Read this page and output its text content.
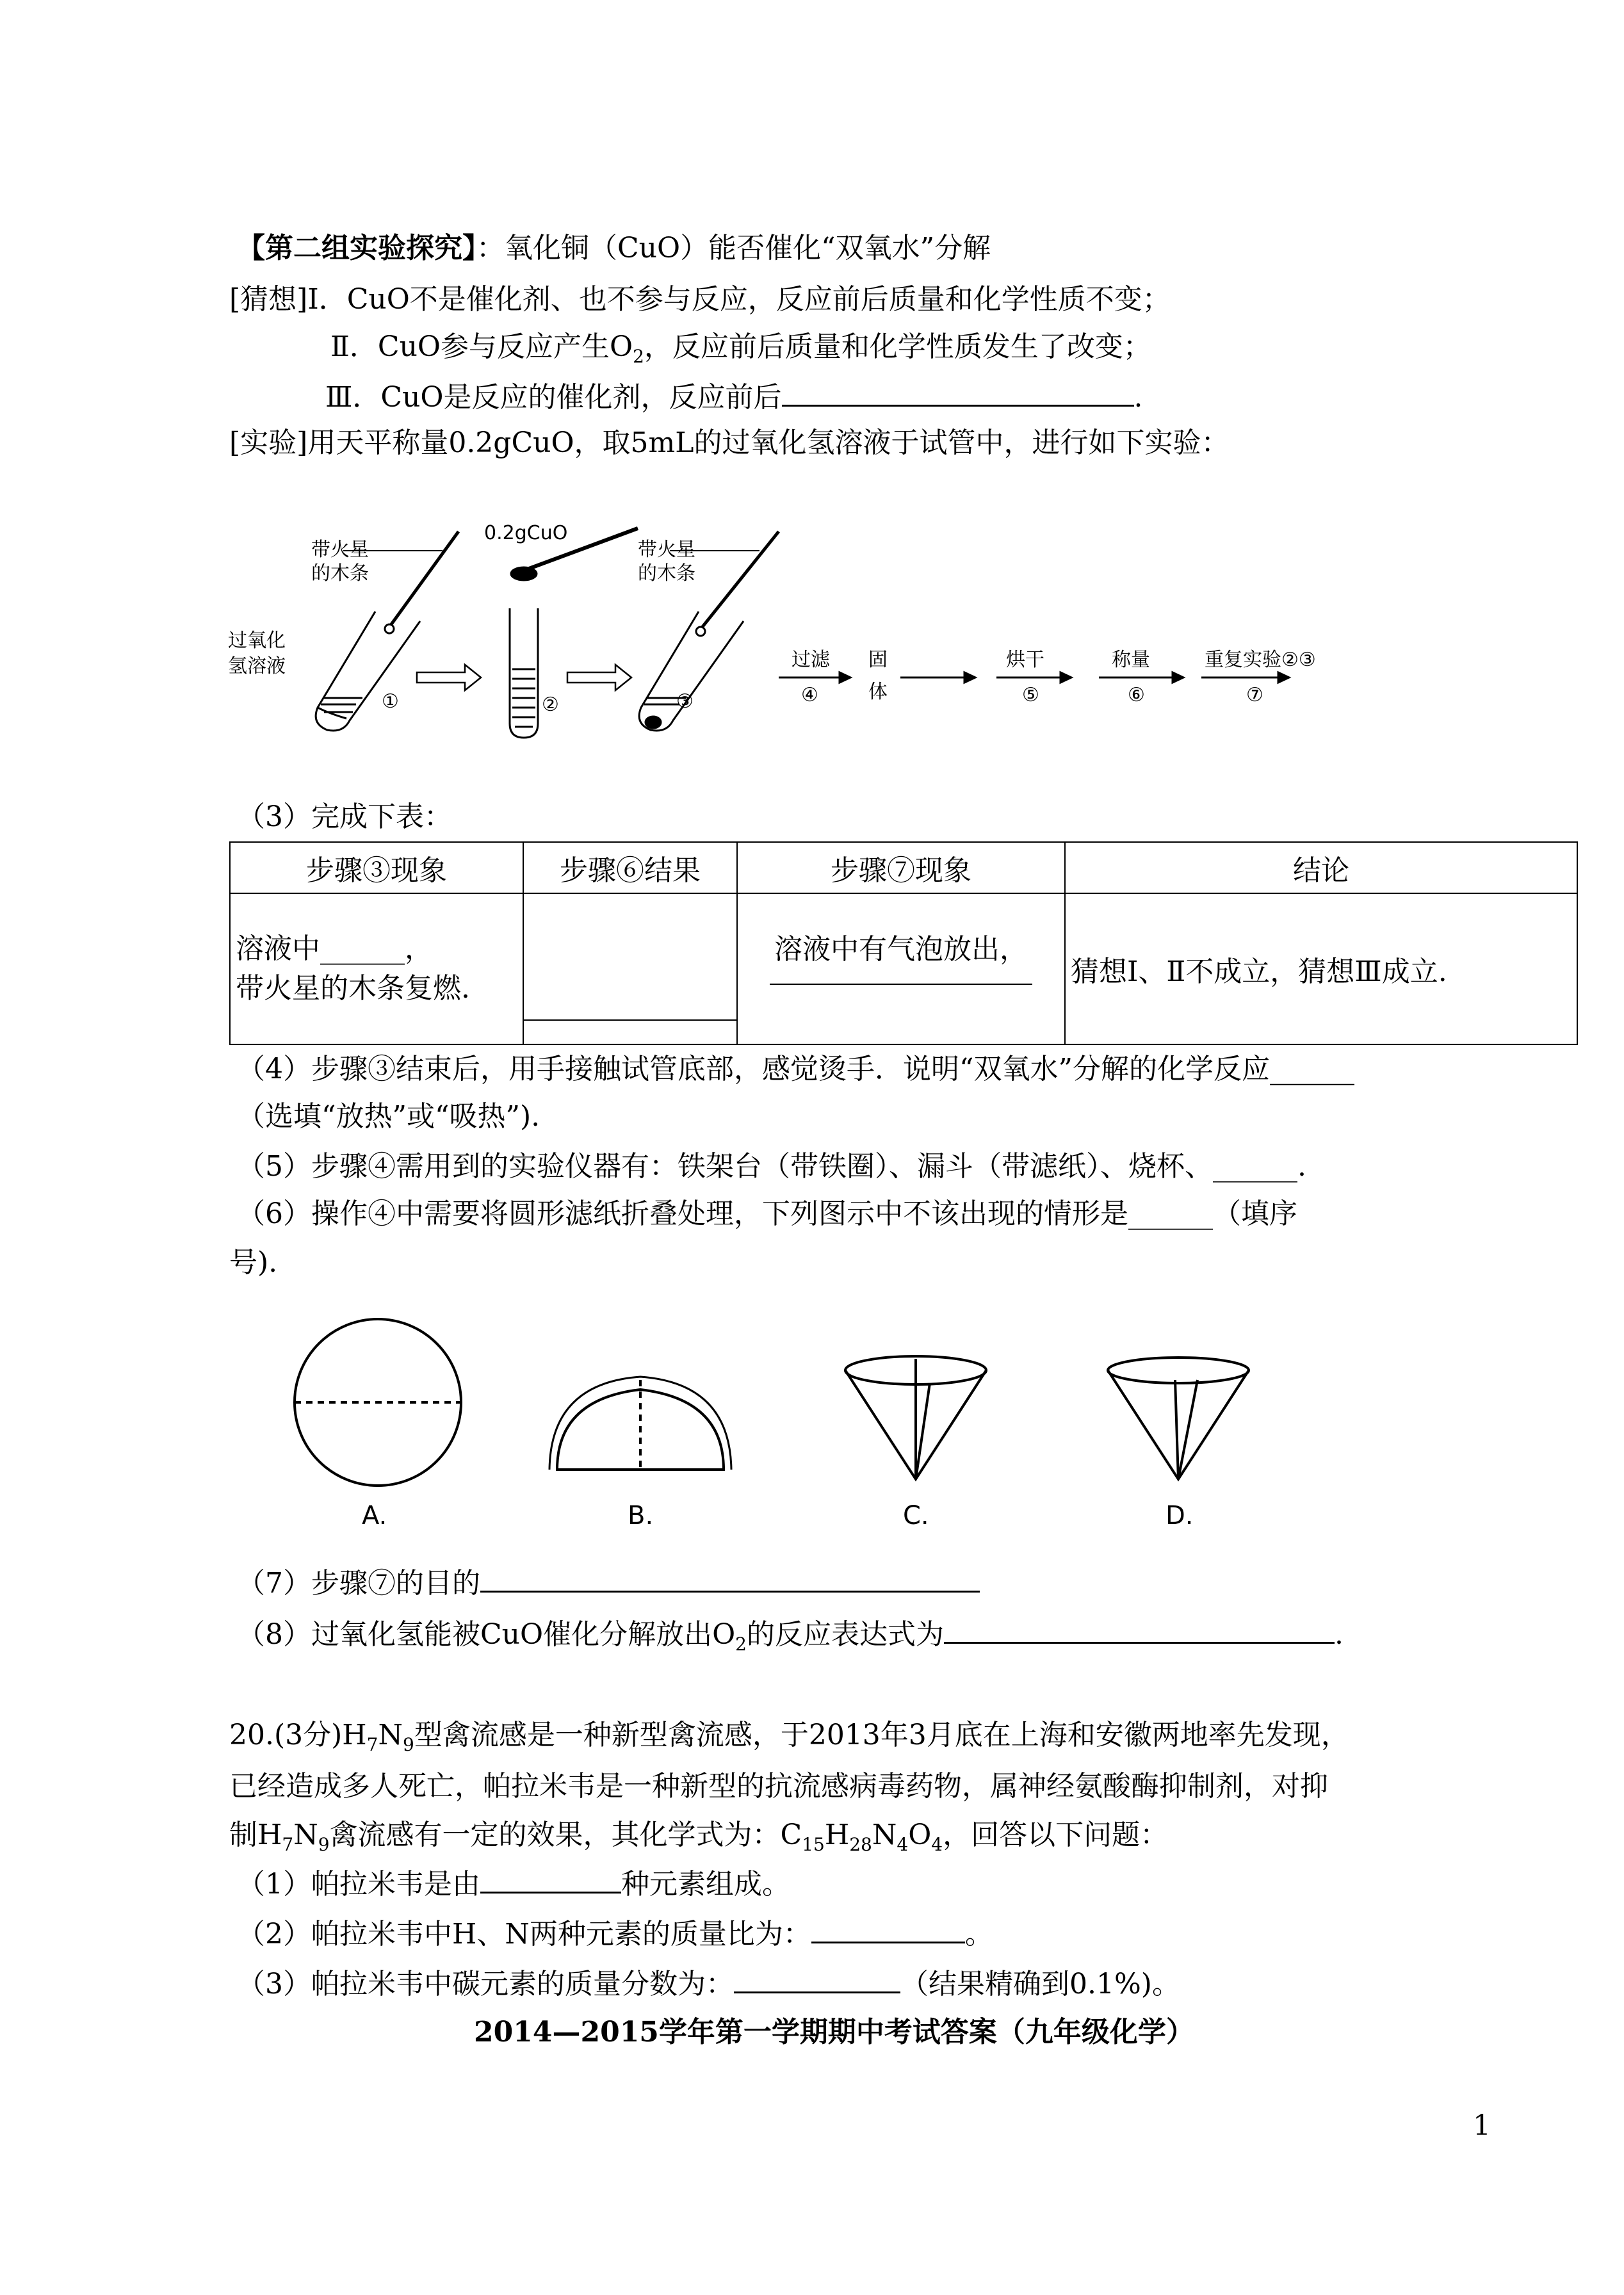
【第二组实验探究】：氧化铜（CuO）能否催化“双氧水”分解
[猜想]Ⅰ．CuO不是催化剂、也不参与反应，反应前后质量和化学性质不变；
Ⅱ．CuO参与反应产生$O_2$，反应前后质量和化学性质发生了改变；
Ⅲ．CuO是反应的催化剂，反应前后	.
[实验]用天平称量0.2gCuO，取5mL的过氧化氢溶液于试管中，进行如下实验：
0.2gCuO
带火星
的木条
过氧化
氢溶液
①	②	③
带火星
的木条
过滤
④
固
体
烘干
⑤
称量
⑥
重复实验②③
⑦
（3）完成下表：
步骤③现象	步骤⑥结果	步骤⑦现象	结论

溶液中______，
带火星的木条复燃.		溶液中有气泡放出，	猜想Ⅰ、Ⅱ不成立，猜想Ⅲ成立.
（4）步骤③结束后，用手接触试管底部，感觉烫手．说明“双氧水”分解的化学反应______
（选填“放热”或“吸热”).
（5）步骤④需用到的实验仪器有：铁架台（带铁圈）、漏斗（带滤纸）、烧杯、______.
（6）操作④中需要将圆形滤纸折叠处理，下列图示中不该出现的情形是______（填序
号).
A.	B.	C.	D.
（7）步骤⑦的目的
（8）过氧化氢能被CuO催化分解放出$O_2$的反应表达式为	.
20.(3分)$H_7N_9$型禽流感是一种新型禽流感，于2013年3月底在上海和安徽两地率先发现，
已经造成多人死亡，帕拉米韦是一种新型的抗流感病毒药物，属神经氨酸酶抑制剂，对抑
制$H_7N_9$禽流感有一定的效果，其化学式为：$C_{15}H_{28}N_4O_4$，回答以下问题：
（1）帕拉米韦是由	种元素组成。
（2）帕拉米韦中H、N两种元素的质量比为：	。
（3）帕拉米韦中碳元素的质量分数为：	（结果精确到0.1%)。
2014—2015学年第一学期期中考试答案（九年级化学）
1
